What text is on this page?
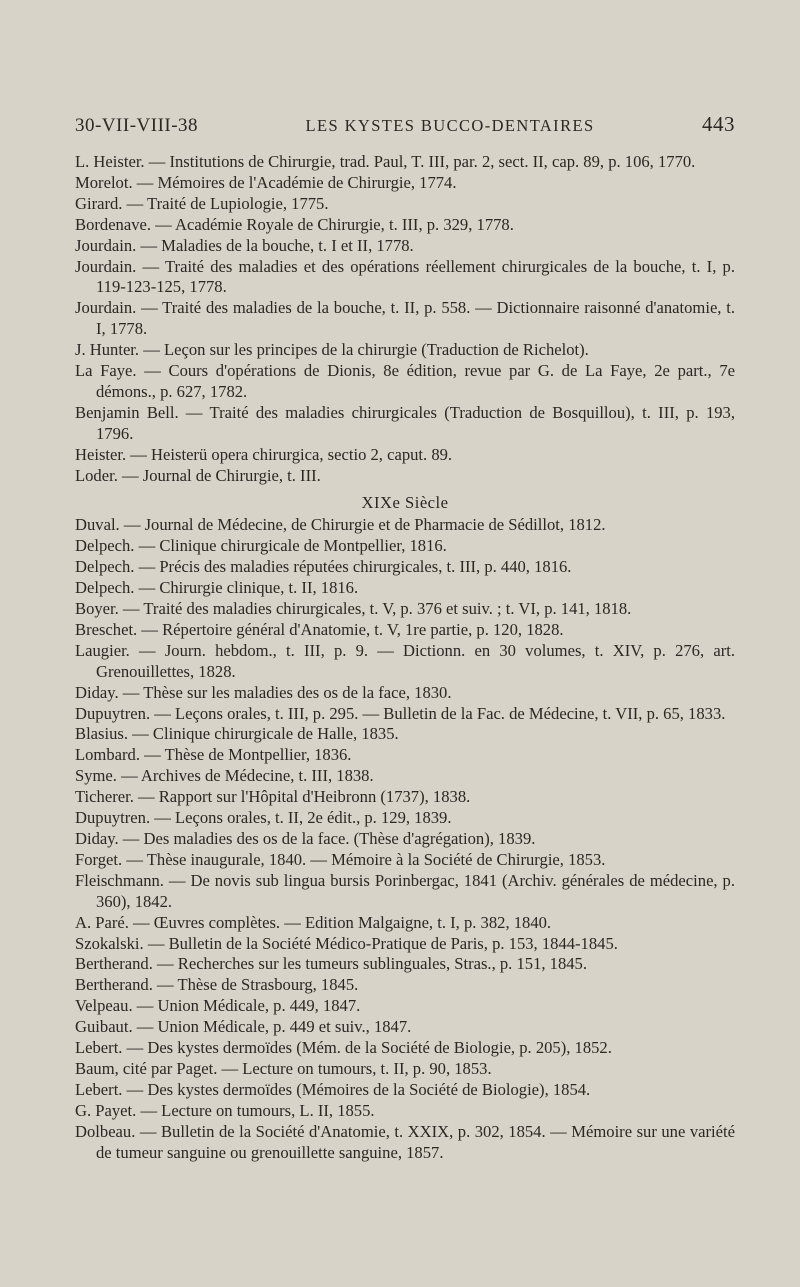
30-VII-VIII-38	LES KYSTES BUCCO-DENTAIRES	443

L. Heister. — Institutions de Chirurgie, trad. Paul, T. III, par. 2, sect. II, cap. 89, p. 106, 1770.

Morelot. — Mémoires de l'Académie de Chirurgie, 1774.

Girard. — Traité de Lupiologie, 1775.

Bordenave. — Académie Royale de Chirurgie, t. III, p. 329, 1778.

Jourdain. — Maladies de la bouche, t. I et II, 1778.

Jourdain. — Traité des maladies et des opérations réellement chirurgicales de la bouche, t. I, p. 119-123-125, 1778.

Jourdain. — Traité des maladies de la bouche, t. II, p. 558. — Dictionnaire raisonné d'anatomie, t. I, 1778.

J. Hunter. — Leçon sur les principes de la chirurgie (Traduction de Richelot).

La Faye. — Cours d'opérations de Dionis, 8e édition, revue par G. de La Faye, 2e part., 7e démons., p. 627, 1782.

Benjamin Bell. — Traité des maladies chirurgicales (Traduction de Bosquillou), t. III, p. 193, 1796.

Heister. — Heisterü opera chirurgica, sectio 2, caput. 89.

Loder. — Journal de Chirurgie, t. III.

XIXe Siècle

Duval. — Journal de Médecine, de Chirurgie et de Pharmacie de Sédillot, 1812.

Delpech. — Clinique chirurgicale de Montpellier, 1816.

Delpech. — Précis des maladies réputées chirurgicales, t. III, p. 440, 1816.

Delpech. — Chirurgie clinique, t. II, 1816.

Boyer. — Traité des maladies chirurgicales, t. V, p. 376 et suiv. ; t. VI, p. 141, 1818.

Breschet. — Répertoire général d'Anatomie, t. V, 1re partie, p. 120, 1828.

Laugier. — Journ. hebdom., t. III, p. 9. — Dictionn. en 30 volumes, t. XIV, p. 276, art. Grenouillettes, 1828.

Diday. — Thèse sur les maladies des os de la face, 1830.

Dupuytren. — Leçons orales, t. III, p. 295. — Bulletin de la Fac. de Médecine, t. VII, p. 65, 1833.

Blasius. — Clinique chirurgicale de Halle, 1835.

Lombard. — Thèse de Montpellier, 1836.

Syme. — Archives de Médecine, t. III, 1838.

Ticherer. — Rapport sur l'Hôpital d'Heibronn (1737), 1838.

Dupuytren. — Leçons orales, t. II, 2e édit., p. 129, 1839.

Diday. — Des maladies des os de la face. (Thèse d'agrégation), 1839.

Forget. — Thèse inaugurale, 1840. — Mémoire à la Société de Chirurgie, 1853.

Fleischmann. — De novis sub lingua bursis Porinbergac, 1841 (Archiv. générales de médecine, p. 360), 1842.

A. Paré. — Œuvres complètes. — Edition Malgaigne, t. I, p. 382, 1840.

Szokalski. — Bulletin de la Société Médico-Pratique de Paris, p. 153, 1844-1845.

Bertherand. — Recherches sur les tumeurs sublinguales, Stras., p. 151, 1845.

Bertherand. — Thèse de Strasbourg, 1845.

Velpeau. — Union Médicale, p. 449, 1847.

Guibaut. — Union Médicale, p. 449 et suiv., 1847.

Lebert. — Des kystes dermoïdes (Mém. de la Société de Biologie, p. 205), 1852.

Baum, cité par Paget. — Lecture on tumours, t. II, p. 90, 1853.

Lebert. — Des kystes dermoïdes (Mémoires de la Société de Biologie), 1854.

G. Payet. — Lecture on tumours, L. II, 1855.

Dolbeau. — Bulletin de la Société d'Anatomie, t. XXIX, p. 302, 1854. — Mémoire sur une variété de tumeur sanguine ou grenouillette sanguine, 1857.
